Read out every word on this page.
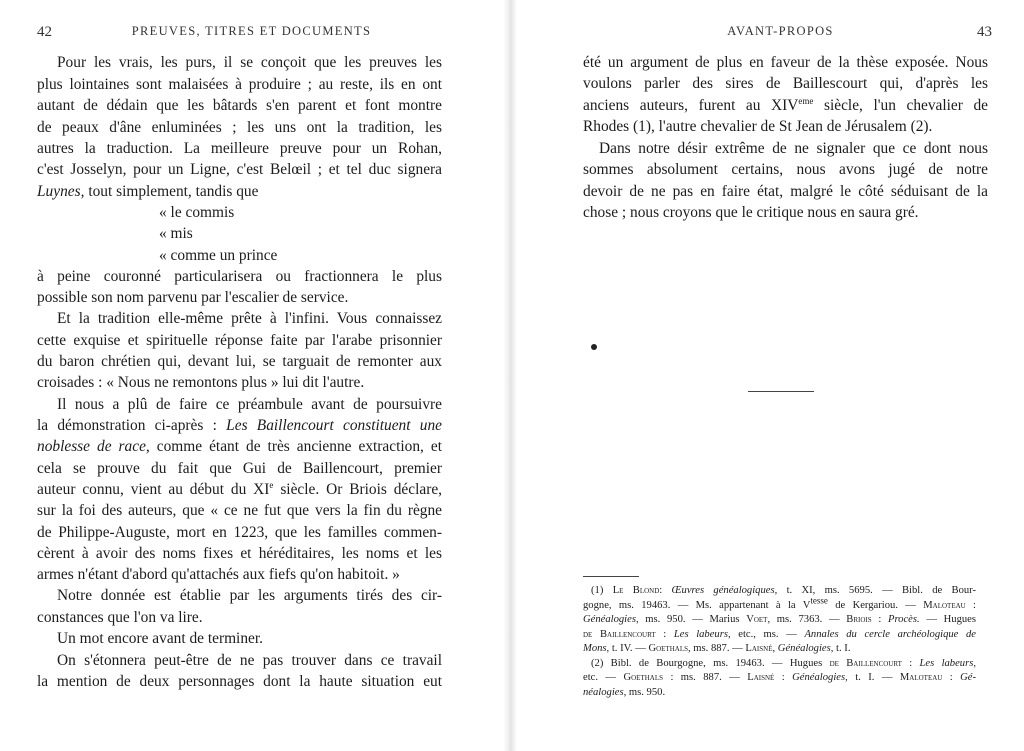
42	PREUVES, TITRES ET DOCUMENTS
Pour les vrais, les purs, il se conçoit que les preuves les
plus lointaines sont malaisées à produire ; au reste, ils en ont
autant de dédain que les bâtards s'en parent et font montre
de peaux d'âne enluminées ; les uns ont la tradition, les
autres la traduction. La meilleure preuve pour un Rohan,
c'est Josselyn, pour un Ligne, c'est Belœil ; et tel duc signera
Luynes, tout simplement, tandis que
« le commis
« mis
« comme un prince
à peine couronné particularisera ou fractionnera le plus
possible son nom parvenu par l'escalier de service.
Et la tradition elle-même prête à l'infini. Vous connaissez
cette exquise et spirituelle réponse faite par l'arabe prisonnier
du baron chrétien qui, devant lui, se targuait de remonter aux
croisades : « Nous ne remontons plus » lui dit l'autre.
Il nous a plû de faire ce préambule avant de poursuivre
la démonstration ci-après : Les Baillencourt constituent une
noblesse de race, comme étant de très ancienne extraction, et
cela se prouve du fait que Gui de Baillencourt, premier
auteur connu, vient au début du XIe siècle. Or Briois déclare,
sur la foi des auteurs, que « ce ne fut que vers la fin du règne
de Philippe-Auguste, mort en 1223, que les familles commen-
cèrent à avoir des noms fixes et héréditaires, les noms et les
armes n'étant d'abord qu'attachés aux fiefs qu'on habitoit. »
Notre donnée est établie par les arguments tirés des cir-
constances que l'on va lire.
Un mot encore avant de terminer.
On s'étonnera peut-être de ne pas trouver dans ce travail
la mention de deux personnages dont la haute situation eut
AVANT-PROPOS	43
été un argument de plus en faveur de la thèse exposée. Nous
voulons parler des sires de Baillescourt qui, d'après les
anciens auteurs, furent au XIVeme siècle, l'un chevalier de
Rhodes (1), l'autre chevalier de St Jean de Jérusalem (2).
Dans notre désir extrême de ne signaler que ce dont nous
sommes absolument certains, nous avons jugé de notre
devoir de ne pas en faire état, malgré le côté séduisant de la
chose ; nous croyons que le critique nous en saura gré.
(1) Le Blond: Œuvres généalogiques, t. XI, ms. 5695. — Bibl. de Bour-
gogne, ms. 19463. — Ms. appartenant à la $V^{tesse}$ de Kergariou. — Maloteau :
Généalogies, ms. 950. — Marius Voet, ms. 7363. — Briois : Procès. — Hugues
de Baillencourt : Les labeurs, etc., ms. — Annales du cercle archéologique de
Mons, t. IV. — Goethals, ms. 887. — Laisné, Généalogies, t. I.
(2) Bibl. de Bourgogne, ms. 19463. — Hugues de Baillencourt : Les labeurs,
etc. — Goethals : ms. 887. — Laisné : Généalogies, t. I. — Maloteau : Gé-
néalogies, ms. 950.
